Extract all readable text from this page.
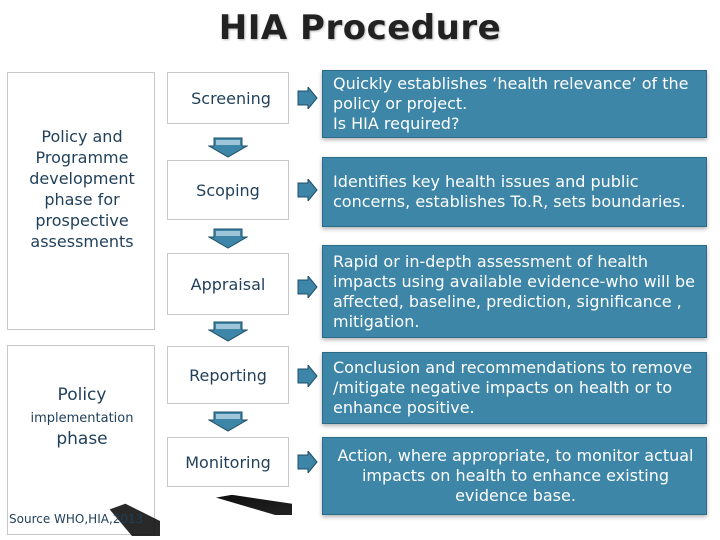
HIA Procedure
Policy and Programme development phase for prospective assessments
Policy
implementation
phase
Screening
Scoping
Appraisal
Reporting
Monitoring
Quickly establishes ‘health relevance’ of the policy or project.
Is HIA required?
Identifies key health issues and public concerns, establishes To.R, sets boundaries.
Rapid or in-depth assessment of health impacts using available evidence-who will be affected, baseline, prediction, significance , mitigation.
Conclusion and recommendations to remove /mitigate negative impacts on health or to enhance positive.
Action, where appropriate, to monitor actual impacts on health to enhance existing evidence base.
Source WHO,HIA,2013
